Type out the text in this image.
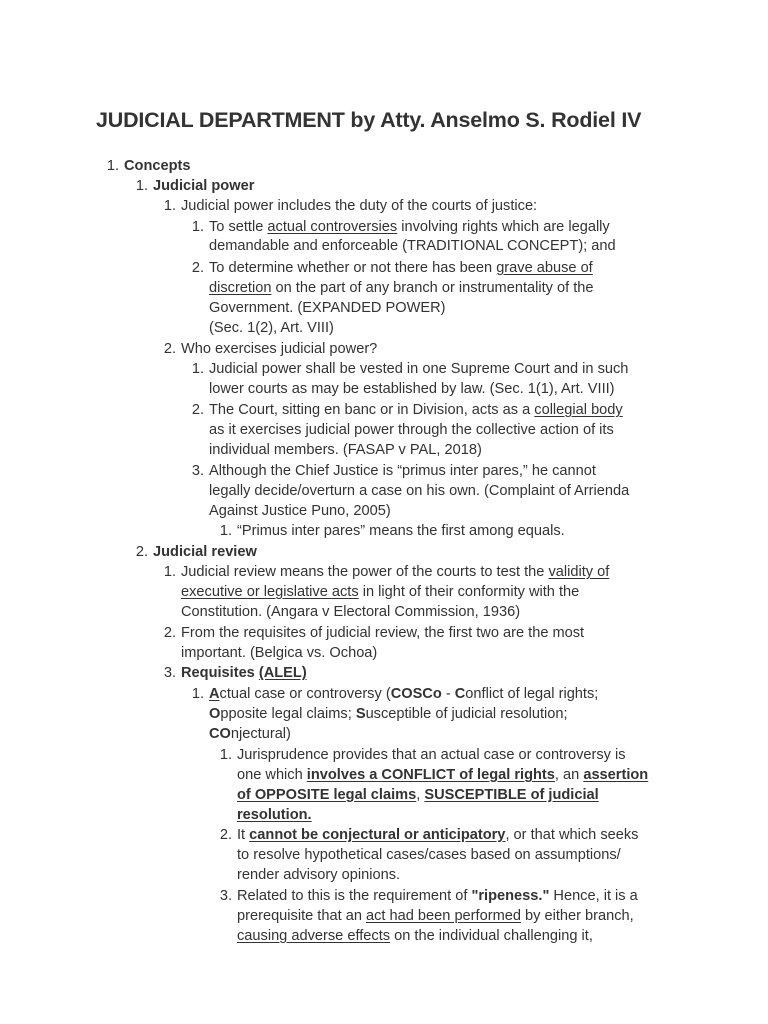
JUDICIAL DEPARTMENT by Atty. Anselmo S. Rodiel IV
1. Concepts
1. Judicial power
1. Judicial power includes the duty of the courts of justice:
1. To settle actual controversies involving rights which are legally
demandable and enforceable (TRADITIONAL CONCEPT); and
2. To determine whether or not there has been grave abuse of
discretion on the part of any branch or instrumentality of the
Government. (EXPANDED POWER)
(Sec. 1(2), Art. VIII)
2. Who exercises judicial power?
1. Judicial power shall be vested in one Supreme Court and in such
lower courts as may be established by law. (Sec. 1(1), Art. VIII)
2. The Court, sitting en banc or in Division, acts as a collegial body
as it exercises judicial power through the collective action of its
individual members. (FASAP v PAL, 2018)
3. Although the Chief Justice is “primus inter pares,” he cannot
legally decide/overturn a case on his own. (Complaint of Arrienda
Against Justice Puno, 2005)
1. “Primus inter pares” means the first among equals.
2. Judicial review
1. Judicial review means the power of the courts to test the validity of
executive or legislative acts in light of their conformity with the
Constitution. (Angara v Electoral Commission, 1936)
2. From the requisites of judicial review, the first two are the most
important. (Belgica vs. Ochoa)
3. Requisites (ALEL)
1. Actual case or controversy (COSCo - Conflict of legal rights;
Opposite legal claims; Susceptible of judicial resolution;
COnjectural)
1. Jurisprudence provides that an actual case or controversy is
one which involves a CONFLICT of legal rights, an assertion
of OPPOSITE legal claims, SUSCEPTIBLE of judicial
resolution.
2. It cannot be conjectural or anticipatory, or that which seeks
to resolve hypothetical cases/cases based on assumptions/
render advisory opinions.
3. Related to this is the requirement of "ripeness." Hence, it is a
prerequisite that an act had been performed by either branch,
causing adverse effects on the individual challenging it,
